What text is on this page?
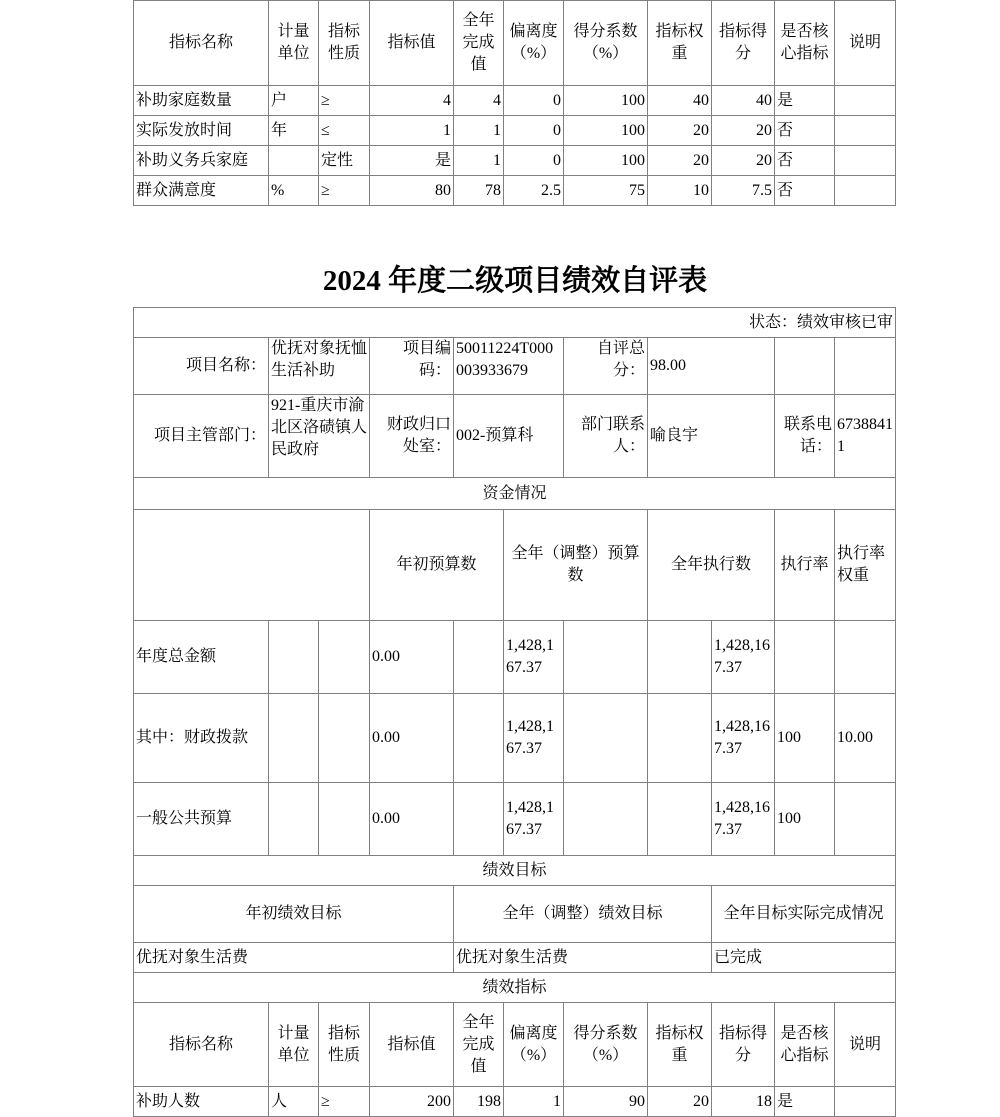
指标名称	计量单位	指标性质	指标值	全年完成值	偏离度（%）	得分系数（%）	指标权重	指标得分	是否核心指标	说明
补助家庭数量	户	≥	4	4	0	100	40	40	是	
实际发放时间	年	≤	1	1	0	100	20	20	否	
补助义务兵家庭		定性	是	1	0	100	20	20	否	
群众满意度	%	≥	80	78	2.5	75	10	7.5	否	
2024 年度二级项目绩效自评表
状态：绩效审核已审											
项目名称：	优抚对象抚恤生活补助		项目编码：	50011224T000003933679		自评总分：	98.00				
项目主管部门：	921-重庆市渝北区洛碛镇人民政府		财政归口处室：	002-预算科		部门联系人：	喻良宇		联系电话：	67388411	
资金情况											
			年初预算数		全年（调整）预算数		全年执行数		执行率	执行率权重	
年度总金额			0.00		1,428,167.37			1,428,167.37			
其中：财政拨款			0.00		1,428,167.37			1,428,167.37	100	10.00	
一般公共预算			0.00		1,428,167.37			1,428,167.37	100		
绩效目标											
年初绩效目标				全年（调整）绩效目标				全年目标实际完成情况			
优抚对象生活费				优抚对象生活费				已完成			
绩效指标											
指标名称	计量单位	指标性质	指标值	全年完成值	偏离度（%）	得分系数（%）	指标权重	指标得分	是否核心指标	说明	
补助人数	人	≥	200	198	1	90	20	18	是		
